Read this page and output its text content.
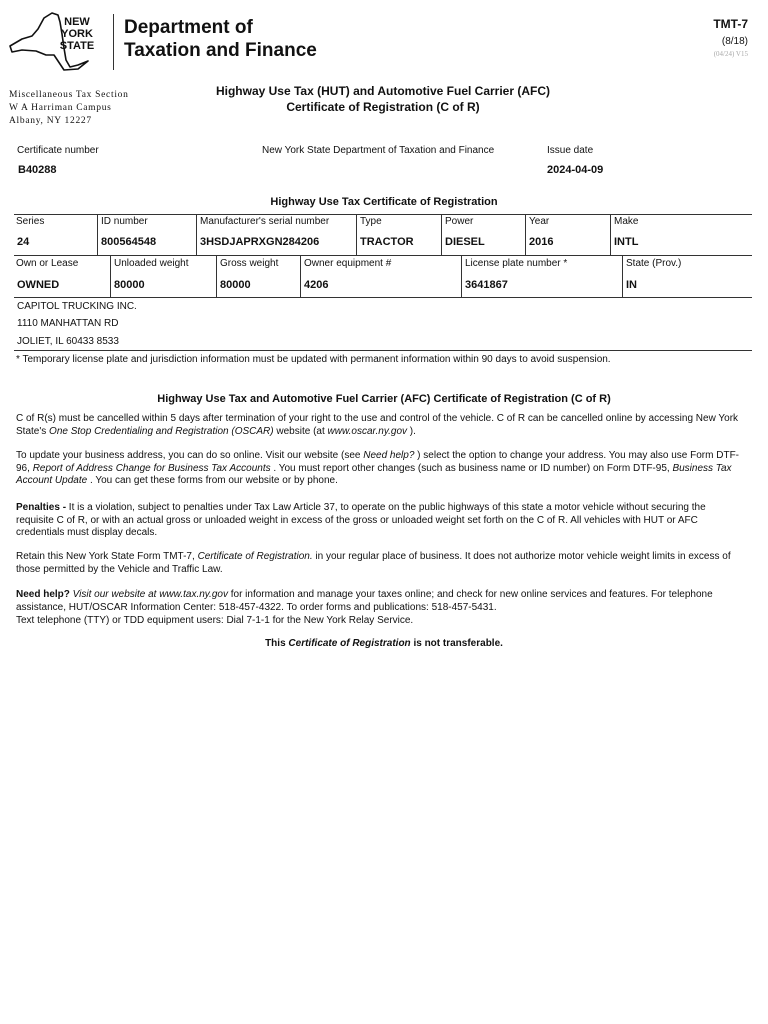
NEW
YORK
STATE
Department of
Taxation and Finance
TMT-7
(8/18)
(04/24) V15
Miscellaneous Tax Section
W A Harriman Campus
Albany, NY 12227
Highway Use Tax (HUT) and Automotive Fuel Carrier (AFC)
Certificate of Registration (C of R)
Certificate number
B40288
New York State Department of Taxation and Finance	Issue date
2024-04-09
Highway Use Tax Certificate of Registration
Series
24
ID number
800564548
Manufacturer's serial number
3HSDJAPRXGN284206
Type
TRACTOR
Power
DIESEL
Year
2016
Make
INTL
Own or Lease
OWNED
Unloaded weight
80000
Gross weight
80000
Owner equipment #
4206
License plate number *
3641867
State (Prov.)
IN
CAPITOL TRUCKING INC.
1110 MANHATTAN RD
JOLIET, IL 60433 8533
* Temporary license plate and jurisdiction information must be updated with permanent information within 90 days to avoid suspension.
Highway Use Tax and Automotive Fuel Carrier (AFC) Certificate of Registration (C of R)
C of R(s) must be cancelled within 5 days after termination of your right to the use and control of the vehicle. C of R can be cancelled online by accessing New York State's One Stop Credentialing and Registration (OSCAR) website (at www.oscar.ny.gov ).
To update your business address, you can do so online. Visit our website (see Need help? ) select the option to change your address. You may also use Form DTF-96, Report of Address Change for Business Tax Accounts . You must report other changes (such as business name or ID number) on Form DTF-95, Business Tax Account Update . You can get these forms from our website or by phone.
Penalties - It is a violation, subject to penalties under Tax Law Article 37, to operate on the public highways of this state a motor vehicle without securing the requisite C of R, or with an actual gross or unloaded weight in excess of the gross or unloaded weight set forth on the C of R. All vehicles with HUT or AFC credentials must display decals.
Retain this New York State Form TMT-7, Certificate of Registration. in your regular place of business. It does not authorize motor vehicle weight limits in excess of those permitted by the Vehicle and Traffic Law.
Need help? Visit our website at www.tax.ny.gov for information and manage your taxes online; and check for new online services and features. For telephone assistance, HUT/OSCAR Information Center: 518-457-4322. To order forms and publications: 518-457-5431.
Text telephone (TTY) or TDD equipment users: Dial 7-1-1 for the New York Relay Service.
This Certificate of Registration is not transferable.
